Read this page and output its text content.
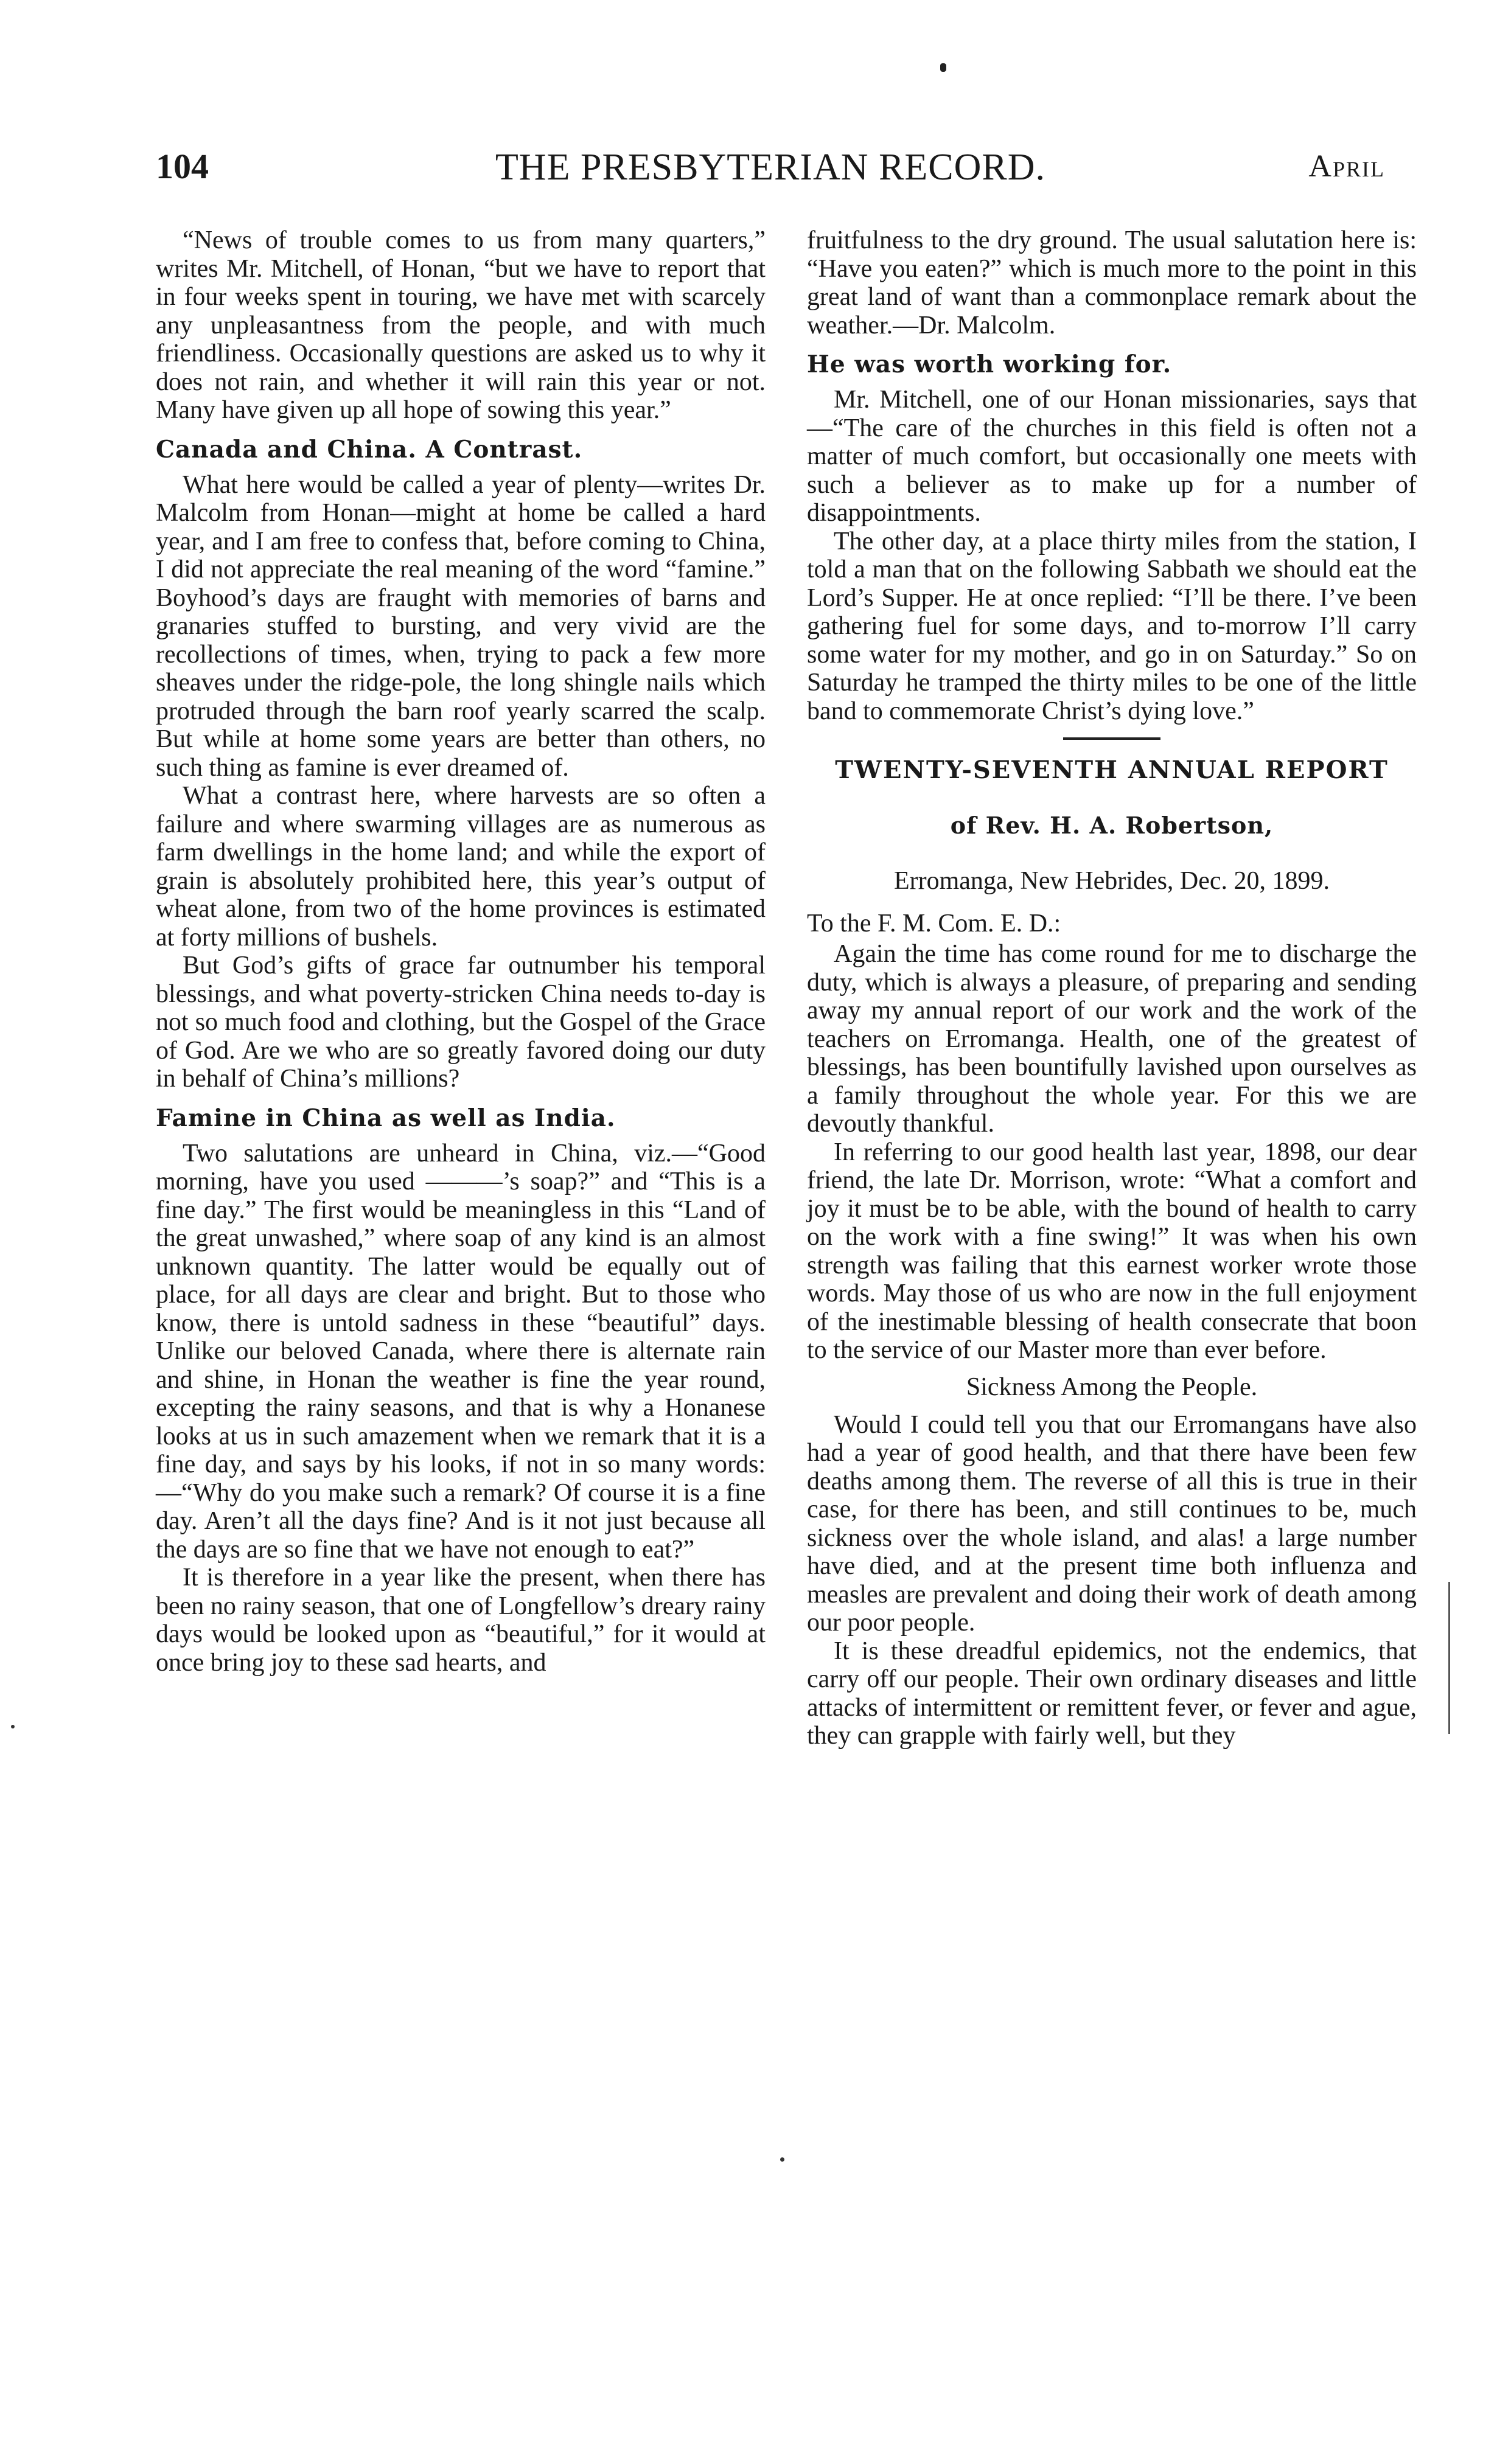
104	THE PRESBYTERIAN RECORD.	April

“News of trouble comes to us from many quarters,” writes Mr. Mitchell, of Honan, “but we have to report that in four weeks spent in touring, we have met with scarcely any unpleasantness from the people, and with much friendliness. Occasionally questions are asked us to why it does not rain, and whether it will rain this year or not. Many have given up all hope of sowing this year.”

Canada and China. A Contrast.

What here would be called a year of plenty—writes Dr. Malcolm from Honan—might at home be called a hard year, and I am free to confess that, before coming to China, I did not appreciate the real meaning of the word “famine.” Boyhood’s days are fraught with memories of barns and granaries stuffed to bursting, and very vivid are the recollections of times, when, trying to pack a few more sheaves under the ridge-pole, the long shingle nails which protruded through the barn roof yearly scarred the scalp. But while at home some years are better than others, no such thing as famine is ever dreamed of.

What a contrast here, where harvests are so often a failure and where swarming villages are as numerous as farm dwellings in the home land; and while the export of grain is absolutely prohibited here, this year’s output of wheat alone, from two of the home provinces is estimated at forty millions of bushels.

But God’s gifts of grace far outnumber his temporal blessings, and what poverty-stricken China needs to-day is not so much food and clothing, but the Gospel of the Grace of God. Are we who are so greatly favored doing our duty in behalf of China’s millions?

Famine in China as well as India.

Two salutations are unheard in China, viz.—“Good morning, have you used ———’s soap?” and “This is a fine day.” The first would be meaningless in this “Land of the great unwashed,” where soap of any kind is an almost unknown quantity. The latter would be equally out of place, for all days are clear and bright. But to those who know, there is untold sadness in these “beautiful” days. Unlike our beloved Canada, where there is alternate rain and shine, in Honan the weather is fine the year round, excepting the rainy seasons, and that is why a Honanese looks at us in such amazement when we remark that it is a fine day, and says by his looks, if not in so many words:—“Why do you make such a remark? Of course it is a fine day. Aren’t all the days fine? And is it not just because all the days are so fine that we have not enough to eat?”

It is therefore in a year like the present, when there has been no rainy season, that one of Longfellow’s dreary rainy days would be looked upon as “beautiful,” for it would at once bring joy to these sad hearts, and

fruitfulness to the dry ground. The usual salutation here is: “Have you eaten?” which is much more to the point in this great land of want than a commonplace remark about the weather.—Dr. Malcolm.

He was worth working for.

Mr. Mitchell, one of our Honan missionaries, says that—“The care of the churches in this field is often not a matter of much comfort, but occasionally one meets with such a believer as to make up for a number of disappointments.

The other day, at a place thirty miles from the station, I told a man that on the following Sabbath we should eat the Lord’s Supper. He at once replied: “I’ll be there. I’ve been gathering fuel for some days, and to-morrow I’ll carry some water for my mother, and go in on Saturday.” So on Saturday he tramped the thirty miles to be one of the little band to commemorate Christ’s dying love.”

TWENTY-SEVENTH ANNUAL REPORT
of Rev. H. A. Robertson,
Erromanga, New Hebrides, Dec. 20, 1899.
To the F. M. Com. E. D.:

Again the time has come round for me to discharge the duty, which is always a pleasure, of preparing and sending away my annual report of our work and the work of the teachers on Erromanga. Health, one of the greatest of blessings, has been bountifully lavished upon ourselves as a family throughout the whole year. For this we are devoutly thankful.

In referring to our good health last year, 1898, our dear friend, the late Dr. Morrison, wrote: “What a comfort and joy it must be to be able, with the bound of health to carry on the work with a fine swing!” It was when his own strength was failing that this earnest worker wrote those words. May those of us who are now in the full enjoyment of the inestimable blessing of health consecrate that boon to the service of our Master more than ever before.

Sickness Among the People.

Would I could tell you that our Erromangans have also had a year of good health, and that there have been few deaths among them. The reverse of all this is true in their case, for there has been, and still continues to be, much sickness over the whole island, and alas! a large number have died, and at the present time both influenza and measles are prevalent and doing their work of death among our poor people.

It is these dreadful epidemics, not the endemics, that carry off our people. Their own ordinary diseases and little attacks of intermittent or remittent fever, or fever and ague, they can grapple with fairly well, but they
